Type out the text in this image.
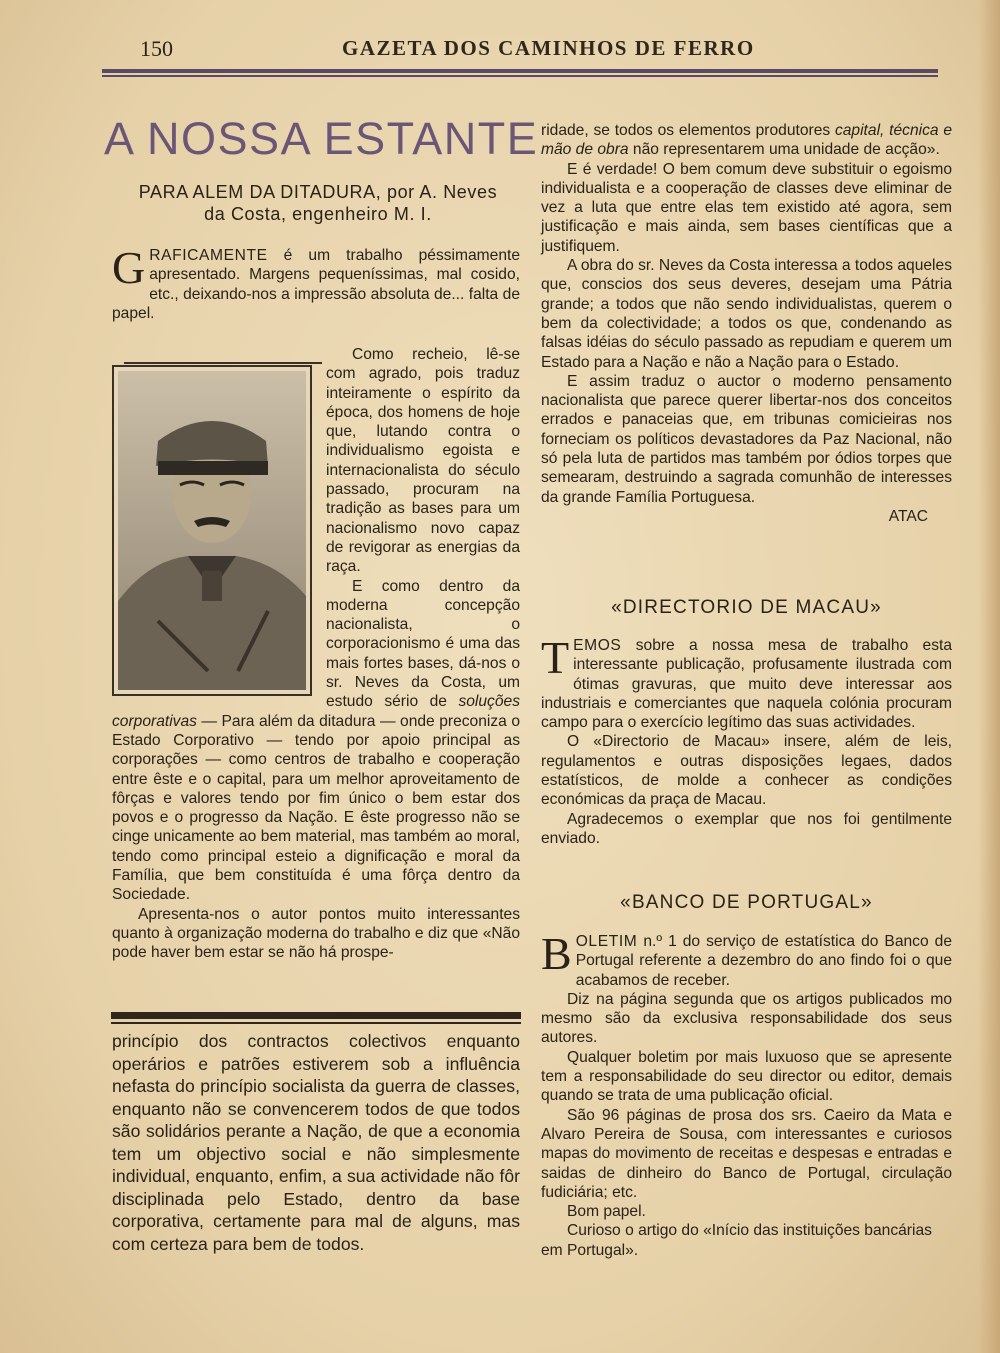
150	GAZETA DOS CAMINHOS DE FERRO
A NOSSA ESTANTE
PARA ALEM DA DITADURA, por A. Neves
da Costa, engenheiro M. I.

GRAFICAMENTE é um trabalho péssimamente apresentado. Margens pequeníssimas, mal cosido, etc., deixando-nos a impressão absoluta de... falta de papel.

Como recheio, lê-se com agrado, pois traduz inteiramente o espírito da época, dos homens de hoje que, lutando contra o individualismo egoista e internacionalista do século passado, procuram na tradição as bases para um nacionalismo novo capaz de revigorar as energias da raça.

E como dentro da moderna concepção nacionalista, o corporacionismo é uma das mais fortes bases, dá-nos o sr. Neves da Costa, um estudo sério de soluções corporativas — Para além da ditadura — onde preconiza o Estado Corporativo — tendo por apoio principal as corporações — como centros de trabalho e cooperação entre êste e o capital, para um melhor aproveitamento de fôrças e valores tendo por fim único o bem estar dos povos e o progresso da Nação. E êste progresso não se cinge unicamente ao bem material, mas também ao moral, tendo como principal esteio a dignificação e moral da Família, que bem constituída é uma fôrça dentro da Sociedade.

Apresenta-nos o autor pontos muito interessantes quanto à organização moderna do trabalho e diz que «Não pode haver bem estar se não há prospe-

princípio dos contractos colectivos enquanto operários e patrões estiverem sob a influência nefasta do princípio socialista da guerra de classes, enquanto não se convencerem todos de que todos são solidários perante a Nação, de que a economia tem um objectivo social e não simplesmente individual, enquanto, enfim, a sua actividade não fôr disciplinada pelo Estado, dentro da base corporativa, certamente para mal de alguns, mas com certeza para bem de todos.

ridade, se todos os elementos produtores capital, técnica e mão de obra não representarem uma unidade de acção».

E é verdade! O bem comum deve substituir o egoismo individualista e a cooperação de classes deve eliminar de vez a luta que entre elas tem existido até agora, sem justificação e mais ainda, sem bases científicas que a justifiquem.

A obra do sr. Neves da Costa interessa a todos aqueles que, conscios dos seus deveres, desejam uma Pátria grande; a todos que não sendo individualistas, querem o bem da colectividade; a todos os que, condenando as falsas idéias do século passado as repudiam e querem um Estado para a Nação e não a Nação para o Estado.

E assim traduz o auctor o moderno pensamento nacionalista que parece querer libertar-nos dos conceitos errados e panaceias que, em tribunas comicieiras nos forneciam os políticos devastadores da Paz Nacional, não só pela luta de partidos mas também por ódios torpes que semearam, destruindo a sagrada comunhão de interesses da grande Família Portuguesa.

ATAC
«DIRECTORIO DE MACAU»

TEMOS sobre a nossa mesa de trabalho esta interessante publicação, profusamente ilustrada com ótimas gravuras, que muito deve interessar aos industriais e comerciantes que naquela colónia procuram campo para o exercício legítimo das suas actividades.

O «Directorio de Macau» insere, além de leis, regulamentos e outras disposições legaes, dados estatísticos, de molde a conhecer as condições económicas da praça de Macau.

Agradecemos o exemplar que nos foi gentilmente enviado.

«BANCO DE PORTUGAL»

BOLETIM n.º 1 do serviço de estatística do Banco de Portugal referente a dezembro do ano findo foi o que acabamos de receber.

Diz na página segunda que os artigos publicados mo mesmo são da exclusiva responsabilidade dos seus autores.

Qualquer boletim por mais luxuoso que se apresente tem a responsabilidade do seu director ou editor, demais quando se trata de uma publicação oficial.

São 96 páginas de prosa dos srs. Caeiro da Mata e Alvaro Pereira de Sousa, com interessantes e curiosos mapas do movimento de receitas e despesas e entradas e saidas de dinheiro do Banco de Portugal, circulação fudiciária; etc.

Bom papel.

Curioso o artigo do «Início das instituições bancárias em Portugal».
